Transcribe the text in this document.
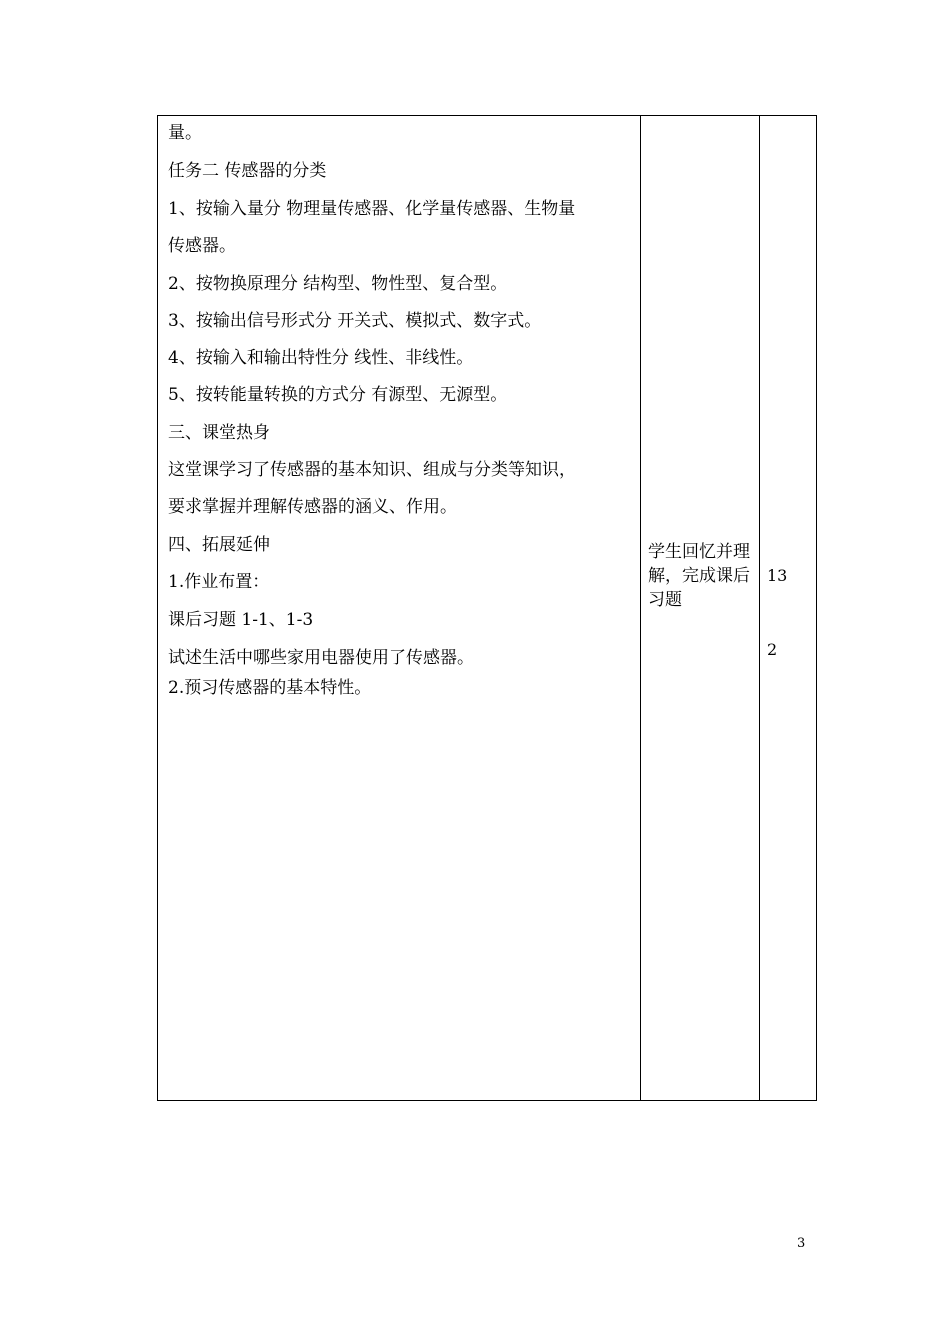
量。
任务二 传感器的分类
1、按输入量分 物理量传感器、化学量传感器、生物量
传感器。
2、按物换原理分 结构型、物性型、复合型。
3、按输出信号形式分 开关式、模拟式、数字式。
4、按输入和输出特性分 线性、非线性。
5、按转能量转换的方式分 有源型、无源型。
三、课堂热身
这堂课学习了传感器的基本知识、组成与分类等知识，
要求掌握并理解传感器的涵义、作用。
四、拓展延伸
1.作业布置：
课后习题 1-1、1-3
试述生活中哪些家用电器使用了传感器。
2.预习传感器的基本特性。
学生回忆并理解，完成课后习题
13
2
3
